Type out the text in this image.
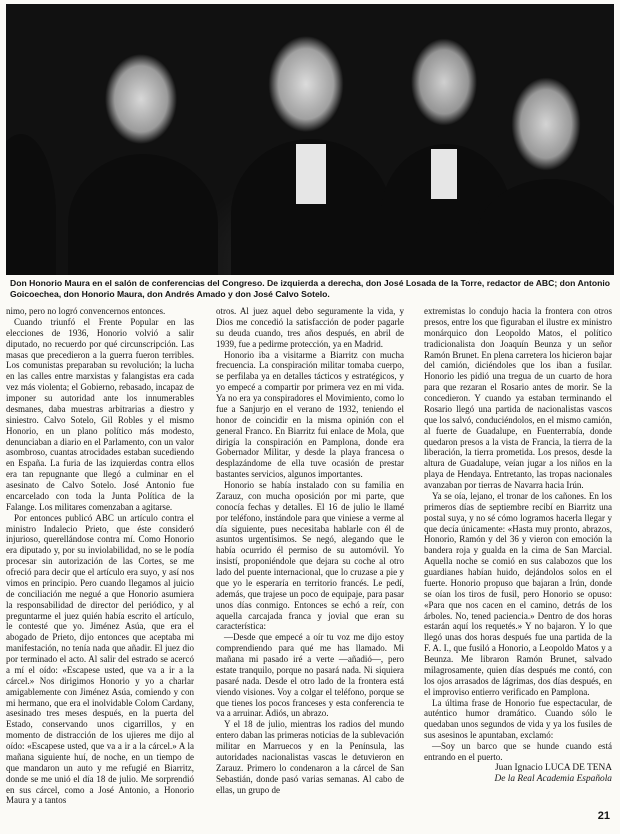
Don Honorio Maura en el salón de conferencias del Congreso. De izquierda a derecha, don José Losada de la Torre, redactor de ABC; don Antonio Goicoechea, don Honorio Maura, don Andrés Amado y don José Calvo Sotelo.

nimo, pero no logró convencernos entonces.

Cuando triunfó el Frente Popular en las elecciones de 1936, Honorio volvió a salir diputado, no recuerdo por qué circunscripción. Las masas que precedieron a la guerra fueron terribles. Los comunistas preparaban su revolución; la lucha en las calles entre marxistas y falangistas era cada vez más violenta; el Gobierno, rebasado, incapaz de imponer su autoridad ante los innumerables desmanes, daba muestras arbitrarias a diestro y siniestro. Calvo Sotelo, Gil Robles y el mismo Honorio, en un plano político más modesto, denunciaban a diario en el Parlamento, con un valor asombroso, cuantas atrocidades estaban sucediendo en España. La furia de las izquierdas contra ellos era tan repugnante que llegó a culminar en el asesinato de Calvo Sotelo. José Antonio fue encarcelado con toda la Junta Política de la Falange. Los militares comenzaban a agitarse.

Por entonces publicó ABC un artículo contra el ministro Indalecio Prieto, que éste consideró injurioso, querellándose contra mí. Como Honorio era diputado y, por su inviolabilidad, no se le podía procesar sin autorización de las Cortes, se me ofreció para decir que el artículo era suyo, y así nos vimos en principio. Pero cuando llegamos al juicio de conciliación me negué a que Honorio asumiera la responsabilidad de director del periódico, y al preguntarme el juez quién había escrito el artículo, le contesté que yo. Jiménez Asúa, que era el abogado de Prieto, dijo entonces que aceptaba mi manifestación, no tenía nada que añadir. El juez dio por terminado el acto. Al salir del estrado se acercó a mí el oído: «Escapese usted, que va a ir a la cárcel.» Nos dirigimos Honorio y yo a charlar amigablemente con Jiménez Asúa, comiendo y con mi hermano, que era el inolvidable Colom Cardany, asesinado tres meses después, en la puerta del Estado, conservando unos cigarrillos, y en momento de distracción de los ujieres me dijo al oído: «Escapese usted, que va a ir a la cárcel.» A la mañana siguiente huí, de noche, en un tiempo de que mandaron un auto y me refugié en Biarritz, donde se me unió el día 18 de julio. Me sorprendió en sus cárcel, como a José Antonio, a Honorio Maura y a tantos

otros. Al juez aquel debo seguramente la vida, y Dios me concedió la satisfacción de poder pagarle su deuda cuando, tres años después, en abril de 1939, fue a pedirme protección, ya en Madrid.

Honorio iba a visitarme a Biarritz con mucha frecuencia. La conspiración militar tomaba cuerpo, se perfilaba ya en detalles tácticos y estratégicos, y yo empecé a compartir por primera vez en mi vida. Ya no era ya conspiradores el Movimiento, como lo fue a Sanjurjo en el verano de 1932, teniendo el honor de coincidir en la misma opinión con el general Franco. En Biarritz fui enlace de Mola, que dirigía la conspiración en Pamplona, donde era Gobernador Militar, y desde la playa francesa o desplazándome de ella tuve ocasión de prestar bastantes servicios, algunos importantes.

Honorio se había instalado con su familia en Zarauz, con mucha oposición por mi parte, que conocía fechas y detalles. El 16 de julio le llamé por teléfono, instándole para que viniese a verme al día siguiente, pues necesitaba hablarle con él de asuntos urgentísimos. Se negó, alegando que le había ocurrido él permiso de su automóvil. Yo insistí, proponiéndole que dejara su coche al otro lado del puente internacional, que lo cruzase a pie y que yo le esperaría en territorio francés. Le pedí, además, que trajese un poco de equipaje, para pasar unos días conmigo. Entonces se echó a reír, con aquella carcajada franca y jovial que eran su característica:

—Desde que empecé a oír tu voz me dijo estoy comprendiendo para qué me has llamado. Mi mañana mi pasado iré a verte —añadió—, pero estate tranquilo, porque no pasará nada. Ni siquiera pasaré nada. Desde el otro lado de la frontera está viendo visiones. Voy a colgar el teléfono, porque se que tienes los pocos franceses y esta conferencia te va a arruinar. Adiós, un abrazo.

Y el 18 de julio, mientras los radios del mundo entero daban las primeras noticias de la sublevación militar en Marruecos y en la Península, las autoridades nacionalistas vascas le detuvieron en Zarauz. Primero lo condenaron a la cárcel de San Sebastián, donde pasó varias semanas. Al cabo de ellas, un grupo de

extremistas lo condujo hacia la frontera con otros presos, entre los que figuraban el ilustre ex ministro monárquico don Leopoldo Matos, el político tradicionalista don Joaquín Beunza y un señor Ramón Brunet. En plena carretera los hicieron bajar del camión, diciéndoles que los iban a fusilar. Honorio les pidió una tregua de un cuarto de hora para que rezaran el Rosario antes de morir. Se la concedieron. Y cuando ya estaban terminando el Rosario llegó una partida de nacionalistas vascos que los salvó, conduciéndolos, en el mismo camión, al fuerte de Guadalupe, en Fuenterrabía, donde quedaron presos a la vista de Francia, la tierra de la liberación, la tierra prometida. Los presos, desde la altura de Guadalupe, veían jugar a los niños en la playa de Hendaya. Entretanto, las tropas nacionales avanzaban por tierras de Navarra hacia Irún.

Ya se oía, lejano, el tronar de los cañones. En los primeros días de septiembre recibí en Biarritz una postal suya, y no sé cómo logramos hacerla llegar y que decía únicamente: «Hasta muy pronto, abrazos, Honorio, Ramón y del 36 y vieron con emoción la bandera roja y gualda en la cima de San Marcial. Aquella noche se comió en sus calabozos que los guardianes habían huido, dejándolos solos en el fuerte. Honorio propuso que bajaran a Irún, donde se oían los tiros de fusil, pero Honorio se opuso: «Para que nos cacen en el camino, detrás de los árboles. No, tened paciencia.» Dentro de dos horas estarán aquí los requetés.» Y no bajaron. Y lo que llegó unas dos horas después fue una partida de la F. A. I., que fusiló a Honorio, a Leopoldo Matos y a Beunza. Me libraron Ramón Brunet, salvado milagrosamente, quien días después me contó, con los ojos arrasados de lágrimas, dos días después, en el improviso entierro verificado en Pamplona.

La última frase de Honorio fue espectacular, de auténtico humor dramático. Cuando sólo le quedaban unos segundos de vida y ya los fusiles de sus asesinos le apuntaban, exclamó:

—Soy un barco que se hunde cuando está entrando en el puerto.

Juan Ignacio LUCA DE TENA
De la Real Academia Española
21
